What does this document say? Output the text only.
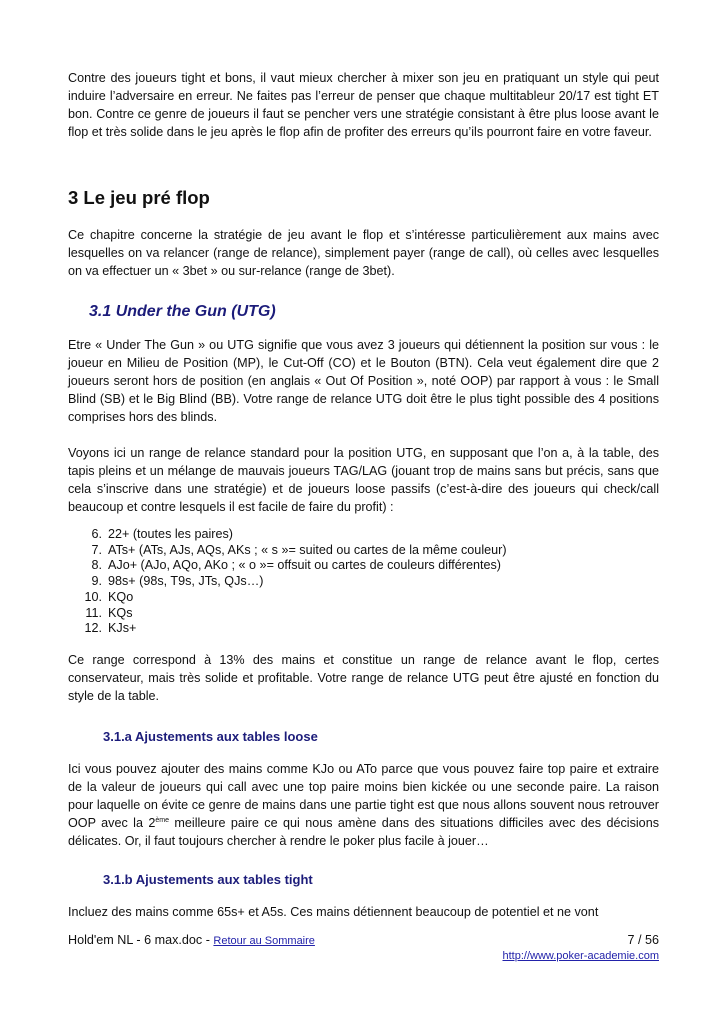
Contre des joueurs tight et bons, il vaut mieux chercher à mixer son jeu en pratiquant un style qui peut induire l’adversaire en erreur. Ne faites pas l’erreur de penser que chaque multitableur 20/17 est tight ET bon. Contre ce genre de joueurs il faut se pencher vers une stratégie consistant à être plus loose avant le flop et très solide dans le jeu après le flop afin de profiter des erreurs qu’ils pourront faire en votre faveur.

3 Le jeu pré flop

Ce chapitre concerne la stratégie de jeu avant le flop et s’intéresse particulièrement aux mains avec lesquelles on va relancer (range de relance), simplement payer (range de call), où celles avec lesquelles on va effectuer un « 3bet » ou sur-relance (range de 3bet).

3.1 Under the Gun (UTG)

Etre « Under The Gun » ou UTG signifie que vous avez 3 joueurs qui détiennent la position sur vous : le joueur en Milieu de Position (MP), le Cut-Off (CO) et le Bouton (BTN). Cela veut également dire que 2 joueurs seront hors de position (en anglais « Out Of Position », noté OOP) par rapport à vous : le Small Blind (SB) et le Big Blind (BB). Votre range de relance UTG doit être le plus tight possible des 4 positions comprises hors des blinds.

Voyons ici un range de relance standard pour la position UTG, en supposant que l’on a, à la table, des tapis pleins et un mélange de mauvais joueurs TAG/LAG (jouant trop de mains sans but précis, sans que cela s’inscrive dans une stratégie) et de joueurs loose passifs (c’est-à-dire des joueurs qui check/call beaucoup et contre lesquels il est facile de faire du profit) :

6. 22+ (toutes les paires)
7. ATs+ (ATs, AJs, AQs, AKs ; « s »= suited ou cartes de la même couleur)
8. AJo+ (AJo, AQo, AKo ; « o »= offsuit ou cartes de couleurs différentes)
9. 98s+ (98s, T9s, JTs, QJs…)
10. KQo
11. KQs
12. KJs+

Ce range correspond à 13% des mains et constitue un range de relance avant le flop, certes conservateur, mais très solide et profitable. Votre range de relance UTG peut être ajusté en fonction du style de la table.

3.1.a Ajustements aux tables loose

Ici vous pouvez ajouter des mains comme KJo ou ATo parce que vous pouvez faire top paire et extraire de la valeur de joueurs qui call avec une top paire moins bien kickée ou une seconde paire. La raison pour laquelle on évite ce genre de mains dans une partie tight est que nous allons souvent nous retrouver OOP avec la 2ème meilleure paire ce qui nous amène dans des situations difficiles avec des décisions délicates. Or, il faut toujours chercher à rendre le poker plus facile à jouer…

3.1.b Ajustements aux tables tight

Incluez des mains comme 65s+ et A5s. Ces mains détiennent beaucoup de potentiel et ne vont

Hold'em NL - 6 max.doc - Retour au Sommaire	7 / 56
http://www.poker-academie.com
